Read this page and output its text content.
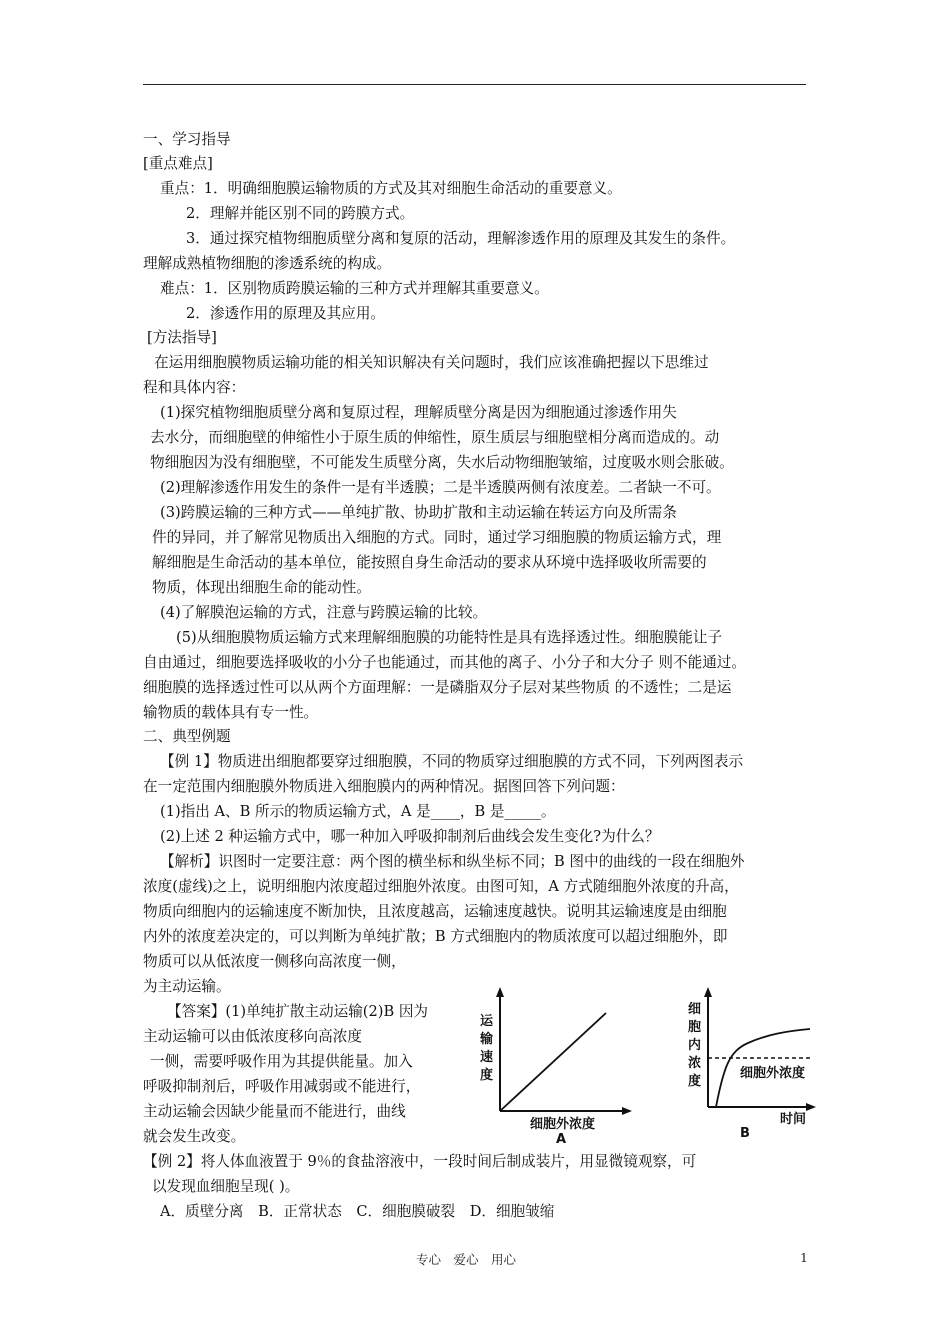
一、学习指导
[重点难点]
重点：1．明确细胞膜运输物质的方式及其对细胞生命活动的重要意义。
2．理解并能区别不同的跨膜方式。
3．通过探究植物细胞质壁分离和复原的活动，理解渗透作用的原理及其发生的条件。
理解成熟植物细胞的渗透系统的构成。
难点：1．区别物质跨膜运输的三种方式并理解其重要意义。
2．渗透作用的原理及其应用。
[方法指导]
在运用细胞膜物质运输功能的相关知识解决有关问题时，我们应该准确把握以下思维过
程和具体内容：
(1)探究植物细胞质壁分离和复原过程，理解质壁分离是因为细胞通过渗透作用失
去水分，而细胞壁的伸缩性小于原生质的伸缩性，原生质层与细胞壁相分离而造成的。动
物细胞因为没有细胞壁，不可能发生质壁分离，失水后动物细胞皱缩，过度吸水则会胀破。
(2)理解渗透作用发生的条件一是有半透膜；二是半透膜两侧有浓度差。二者缺一不可。
(3)跨膜运输的三种方式——单纯扩散、协助扩散和主动运输在转运方向及所需条
件的异同，并了解常见物质出入细胞的方式。同时，通过学习细胞膜的物质运输方式，理
解细胞是生命活动的基本单位，能按照自身生命活动的要求从环境中选择吸收所需要的
物质，体现出细胞生命的能动性。
(4)了解膜泡运输的方式，注意与跨膜运输的比较。
(5)从细胞膜物质运输方式来理解细胞膜的功能特性是具有选择透过性。细胞膜能让子
自由通过，细胞要选择吸收的小分子也能通过，而其他的离子、小分子和大分子 则不能通过。
细胞膜的选择透过性可以从两个方面理解：一是磷脂双分子层对某些物质 的不透性；二是运
输物质的载体具有专一性。
二、典型例题
【例 1】物质进出细胞都要穿过细胞膜，不同的物质穿过细胞膜的方式不同，下列两图表示
在一定范围内细胞膜外物质进入细胞膜内的两种情况。据图回答下列问题：
(1)指出 A、B 所示的物质运输方式，A 是____，B 是_____。
(2)上述 2 种运输方式中，哪一种加入呼吸抑制剂后曲线会发生变化?为什么？
【解析】识图时一定要注意：两个图的横坐标和纵坐标不同；B 图中的曲线的一段在细胞外
浓度(虚线)之上，说明细胞内浓度超过细胞外浓度。由图可知，A 方式随细胞外浓度的升高，
物质向细胞内的运输速度不断加快，且浓度越高，运输速度越快。说明其运输速度是由细胞
内外的浓度差决定的，可以判断为单纯扩散；B 方式细胞内的物质浓度可以超过细胞外，即
物质可以从低浓度一侧移向高浓度一侧，
为主动运输。
【答案】(1)单纯扩散主动运输(2)B 因为
主动运输可以由低浓度移向高浓度
一侧，需要呼吸作用为其提供能量。加入
呼吸抑制剂后，呼吸作用减弱或不能进行，
主动运输会因缺少能量而不能进行，曲线
就会发生改变。
【例 2】将人体血液置于 9％的食盐溶液中，一段时间后制成装片，用显微镜观察，可
以发现血细胞呈现( )。
A．质壁分离　B．正常状态　C．细胞膜破裂　D．细胞皱缩
运
输
速
度
细胞外浓度
A
细
胞
内
浓
度
细胞外浓度
时间
B
专心　爱心　用心	1
